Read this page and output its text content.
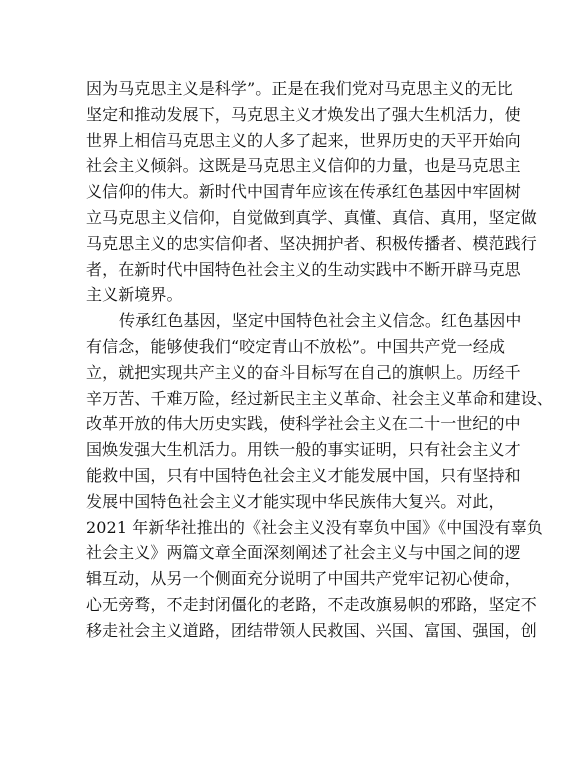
因为马克思主义是科学”。正是在我们党对马克思主义的无比
坚定和推动发展下，马克思主义才焕发出了强大生机活力，使
世界上相信马克思主义的人多了起来，世界历史的天平开始向
社会主义倾斜。这既是马克思主义信仰的力量，也是马克思主
义信仰的伟大。新时代中国青年应该在传承红色基因中牢固树
立马克思主义信仰，自觉做到真学、真懂、真信、真用，坚定做
马克思主义的忠实信仰者、坚决拥护者、积极传播者、模范践行
者，在新时代中国特色社会主义的生动实践中不断开辟马克思
主义新境界。
传承红色基因，坚定中国特色社会主义信念。红色基因中
有信念，能够使我们“咬定青山不放松”。中国共产党一经成
立，就把实现共产主义的奋斗目标写在自己的旗帜上。历经千
辛万苦、千难万险，经过新民主主义革命、社会主义革命和建设、
改革开放的伟大历史实践，使科学社会主义在二十一世纪的中
国焕发强大生机活力。用铁一般的事实证明，只有社会主义才
能救中国，只有中国特色社会主义才能发展中国，只有坚持和
发展中国特色社会主义才能实现中华民族伟大复兴。对此，
2021 年新华社推出的《社会主义没有辜负中国》《中国没有辜负
社会主义》两篇文章全面深刻阐述了社会主义与中国之间的逻
辑互动，从另一个侧面充分说明了中国共产党牢记初心使命，
心无旁骛，不走封闭僵化的老路，不走改旗易帜的邪路，坚定不
移走社会主义道路，团结带领人民救国、兴国、富国、强国，创
